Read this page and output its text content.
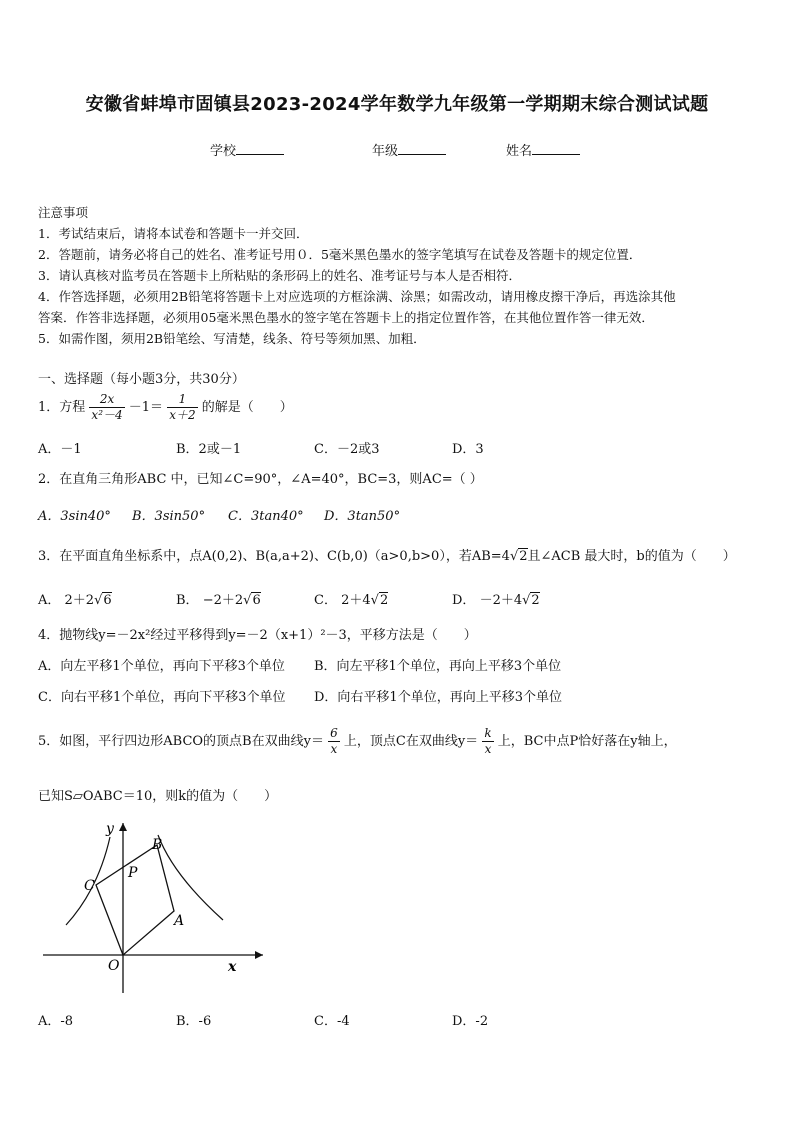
安徽省蚌埠市固镇县2023-2024学年数学九年级第一学期期末综合测试试题
学校	年级	姓名
注意事项
1．考试结束后，请将本试卷和答题卡一并交回．
2．答题前，请务必将自己的姓名、准考证号用０．5毫米黑色墨水的签字笔填写在试卷及答题卡的规定位置．
3．请认真核对监考员在答题卡上所粘贴的条形码上的姓名、准考证号与本人是否相符．
4．作答选择题，必须用2B铅笔将答题卡上对应选项的方框涂满、涂黑；如需改动，请用橡皮擦干净后，再选涂其他
答案．作答非选择题，必须用05毫米黑色墨水的签字笔在答题卡上的指定位置作答，在其他位置作答一律无效．
5．如需作图，须用2B铅笔绘、写清楚，线条、符号等须加黑、加粗．
一、选择题（每小题3分，共30分）
1．方程 $\frac{2x}{\text{x²－4}} -1= \frac{1}{x+2}$ 的解是（　　）
A．－1	B．2或－1	C．－2或3	D．3
2．在直角三角形ABC 中，已知∠C=90°，∠A=40°，BC=3，则AC=（ ）
A．3sin40° B．3sin50° C．3tan40° D．3tan50°
3．在平面直角坐标系中，点A(0,2)、B(a,a+2)、C(b,0)（a>0,b>0），若AB=4√2且∠ACB 最大时，b的值为（　　）
A． 2＋2√6	B． −2＋2√6	C． 2＋4√2	D． －2＋4√2
4．抛物线y=－2x²经过平移得到y=－2（x+1）²－3，平移方法是（　　）
A．向左平移1个单位，再向下平移3个单位 B．向左平移1个单位，再向上平移3个单位
C．向右平移1个单位，再向下平移3个单位 D．向右平移1个单位，再向上平移3个单位
5．如图，平行四边形ABCO的顶点B在双曲线$y= \frac{6}{x}$ 上，顶点C在双曲线$y= \frac{k}{x}$ 上，BC中点P恰好落在y轴上，
已知S▱OABC＝10，则k的值为（　　）
y
x
O
A
B
C
P
A．-8	B．-6	C．-4	D．-2
